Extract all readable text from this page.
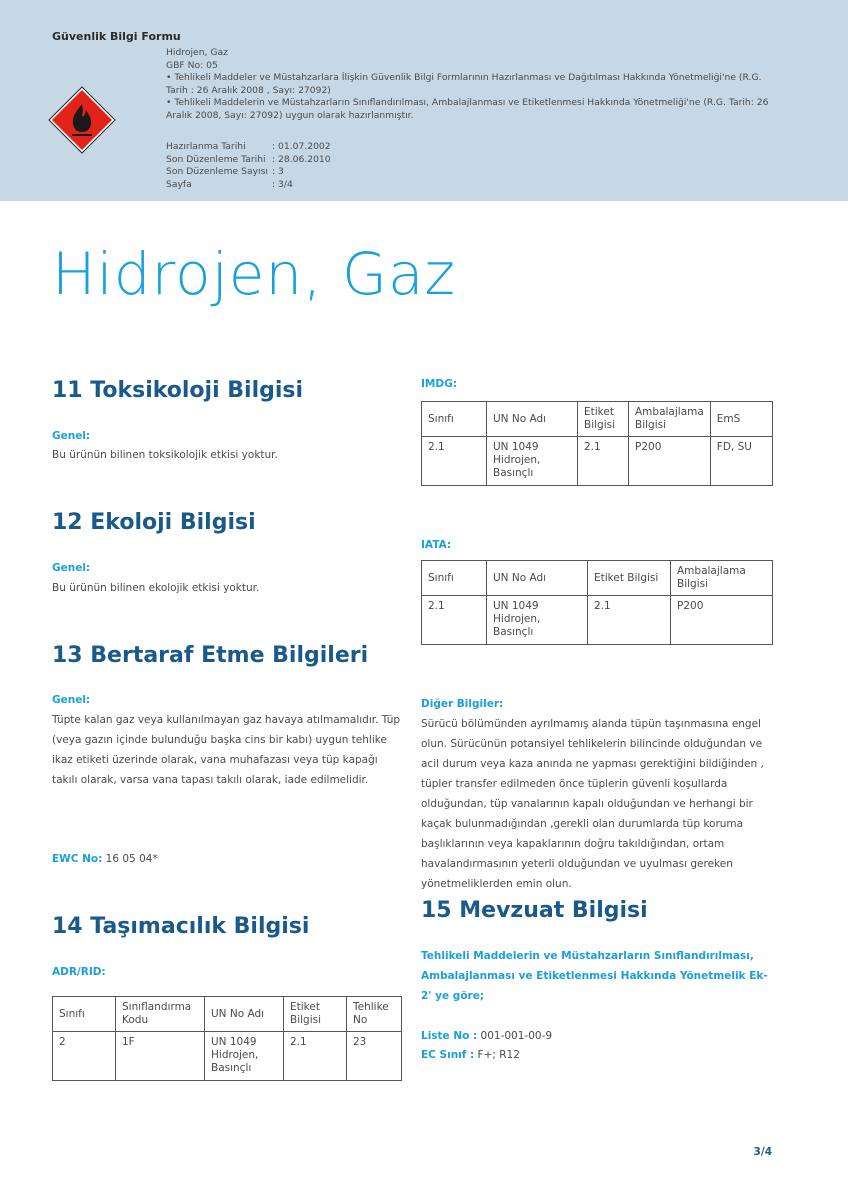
Güvenlik Bilgi Formu

Hidrojen, Gaz

GBF No: 05

• Tehlikeli Maddeler ve Müstahzarlara İlişkin Güvenlik Bilgi Formlarının Hazırlanması ve Dağıtılması Hakkında Yönetmeliği'ne (R.G. Tarih : 26 Aralık 2008 , Sayı: 27092)

• Tehlikeli Maddelerin ve Müstahzarların Sınıflandırılması, Ambalajlanması ve Etiketlenmesi Hakkında Yönetmeliği'ne (R.G. Tarih: 26 Aralık 2008, Sayı: 27092) uygun olarak hazırlanmıştır.

Hazırlanma Tarihi	: 01.07.2002
Son Düzenleme Tarihi : 28.06.2010
Son Düzenleme Sayısı : 3
Sayfa	: 3/4
Hidrojen, Gaz
11 Toksikoloji Bilgisi
Genel:
Bu ürünün bilinen toksikolojik etkisi yoktur.
12 Ekoloji Bilgisi
Genel:
Bu ürünün bilinen ekolojik etkisi yoktur.
13 Bertaraf Etme Bilgileri
Genel:
Tüpte kalan gaz veya kullanılmayan gaz havaya atılmamalıdır. Tüp (veya gazın içinde bulunduğu başka cins bir kabı) uygun tehlike ikaz etiketi üzerinde olarak, vana muhafazası veya tüp kapağı takılı olarak, varsa vana tapası takılı olarak, iade edilmelidir.
EWC No: 16 05 04*
14 Taşımacılık Bilgisi
ADR/RID:
Sınıfı	Sınıflandırma Kodu	UN No Adı	Etiket Bilgisi	Tehlike No
2	1F	UN 1049 Hidrojen, Basınçlı	2.1	23
IMDG:
Sınıfı	UN No Adı	Etiket Bilgisi	Ambalajlama Bilgisi	EmS
2.1	UN 1049 Hidrojen, Basınçlı	2.1	P200	FD, SU
IATA:
Sınıfı	UN No Adı	Etiket Bilgisi	Ambalajlama Bilgisi
2.1	UN 1049 Hidrojen, Basınçlı	2.1	P200
Diğer Bilgiler:
Sürücü bölümünden ayrılmamış alanda tüpün taşınmasına engel olun. Sürücünün potansiyel tehlikelerin bilincinde olduğundan ve acil durum veya kaza anında ne yapması gerektiğini bildiğinden , tüpler transfer edilmeden önce tüplerin güvenli koşullarda olduğundan, tüp vanalarının kapalı olduğundan ve herhangi bir kaçak bulunmadığından ,gerekli olan durumlarda tüp koruma başlıklarının veya kapaklarının doğru takıldığından, ortam havalandırmasının yeterli olduğundan ve uyulması gereken yönetmeliklerden emin olun.
15 Mevzuat Bilgisi
Tehlikeli Maddelerin ve Müstahzarların Sınıflandırılması, Ambalajlanması ve Etiketlenmesi Hakkında Yönetmelik Ek-2' ye göre;
Liste No : 001-001-00-9
EC Sınıf : F+; R12
3/4
